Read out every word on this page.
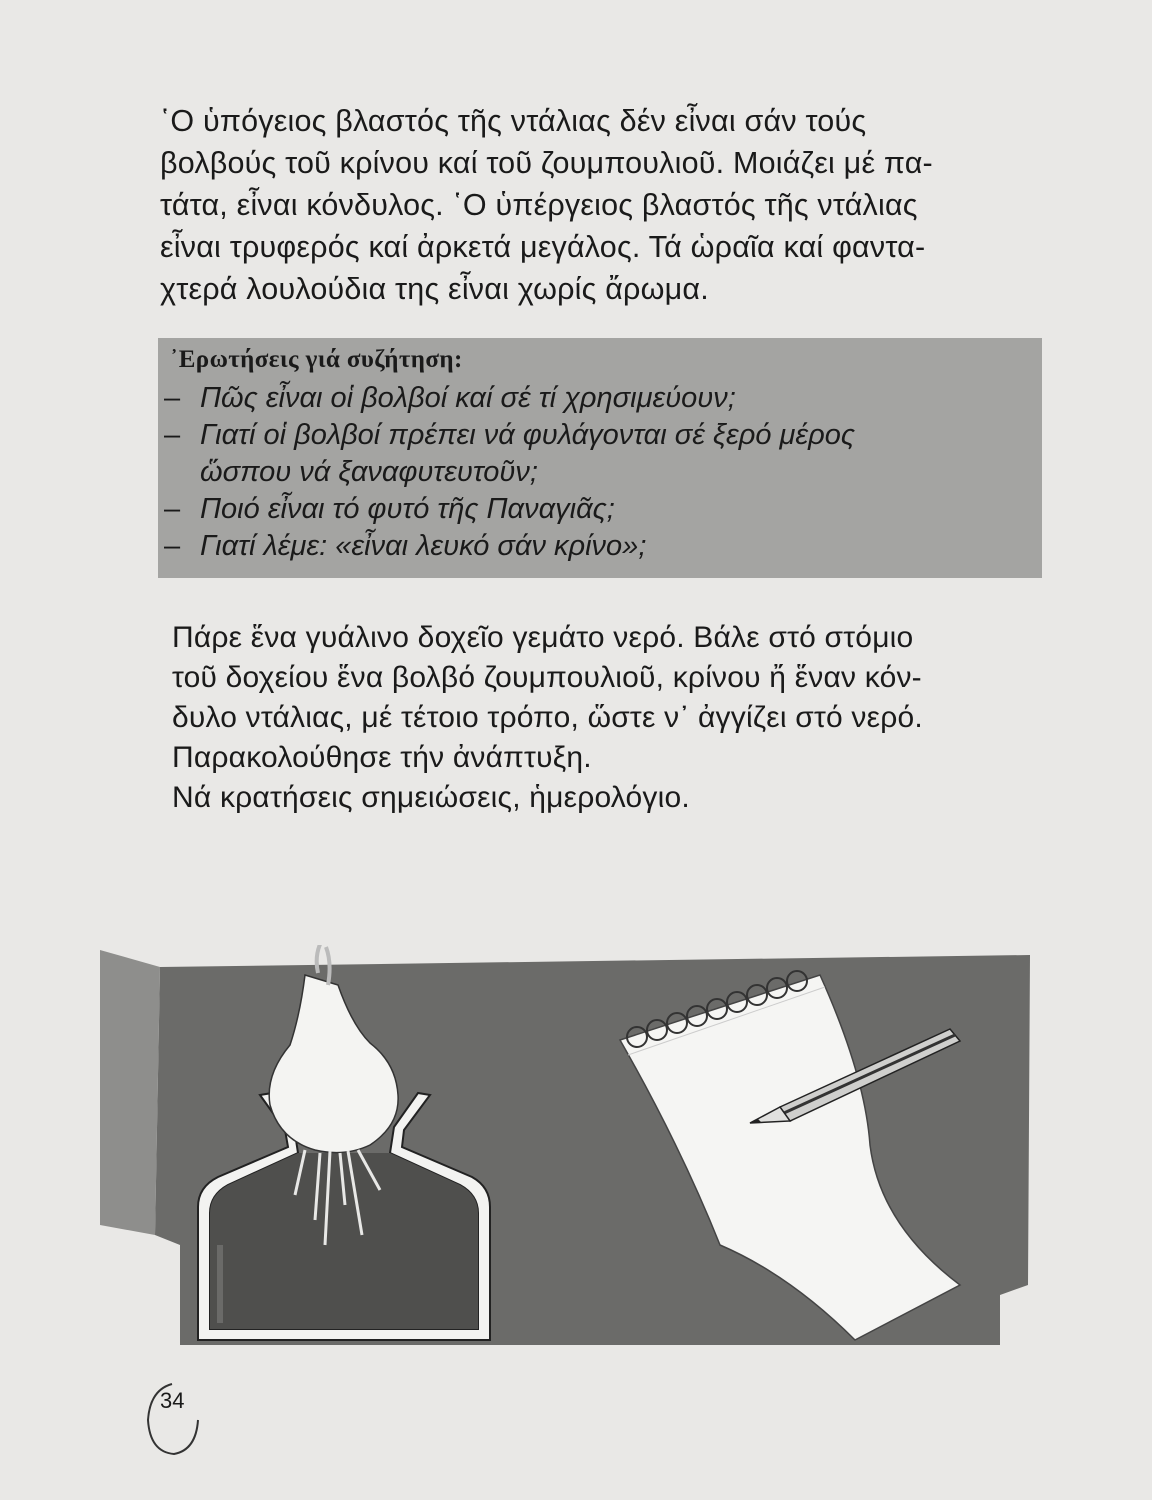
῾Ο ὑπόγειος βλαστός τῆς ντάλιας δέν εἶναι σάν τούς
βολβούς τοῦ κρίνου καί τοῦ ζουμπουλιοῦ. Μοιάζει μέ πα-
τάτα, εἶναι κόνδυλος. ῾Ο ὑπέργειος βλαστός τῆς ντάλιας
εἶναι τρυφερός καί ἀρκετά μεγάλος. Τά ὡραῖα καί φαντα-
χτερά λουλούδια της εἶναι χωρίς ἄρωμα.
᾿Ερωτήσεις γιά συζήτηση:
– Πῶς εἶναι οἱ βολβοί καί σέ τί χρησιμεύουν;
– Γιατί οἱ βολβοί πρέπει νά φυλάγονται σέ ξερό μέρος
ὥσπου νά ξαναφυτευτοῦν;
– Ποιό εἶναι τό φυτό τῆς Παναγιᾶς;
– Γιατί λέμε: «εἶναι λευκό σάν κρίνο»;
Πάρε ἕνα γυάλινο δοχεῖο γεμάτο νερό. Βάλε στό στόμιο
τοῦ δοχείου ἕνα βολβό ζουμπουλιοῦ, κρίνου ἤ ἕναν κόν-
δυλο ντάλιας, μέ τέτοιο τρόπο, ὥστε ν᾿ ἀγγίζει στό νερό.
Παρακολούθησε τήν ἀνάπτυξη.
Νά κρατήσεις σημειώσεις, ἡμερολόγιο.
34
